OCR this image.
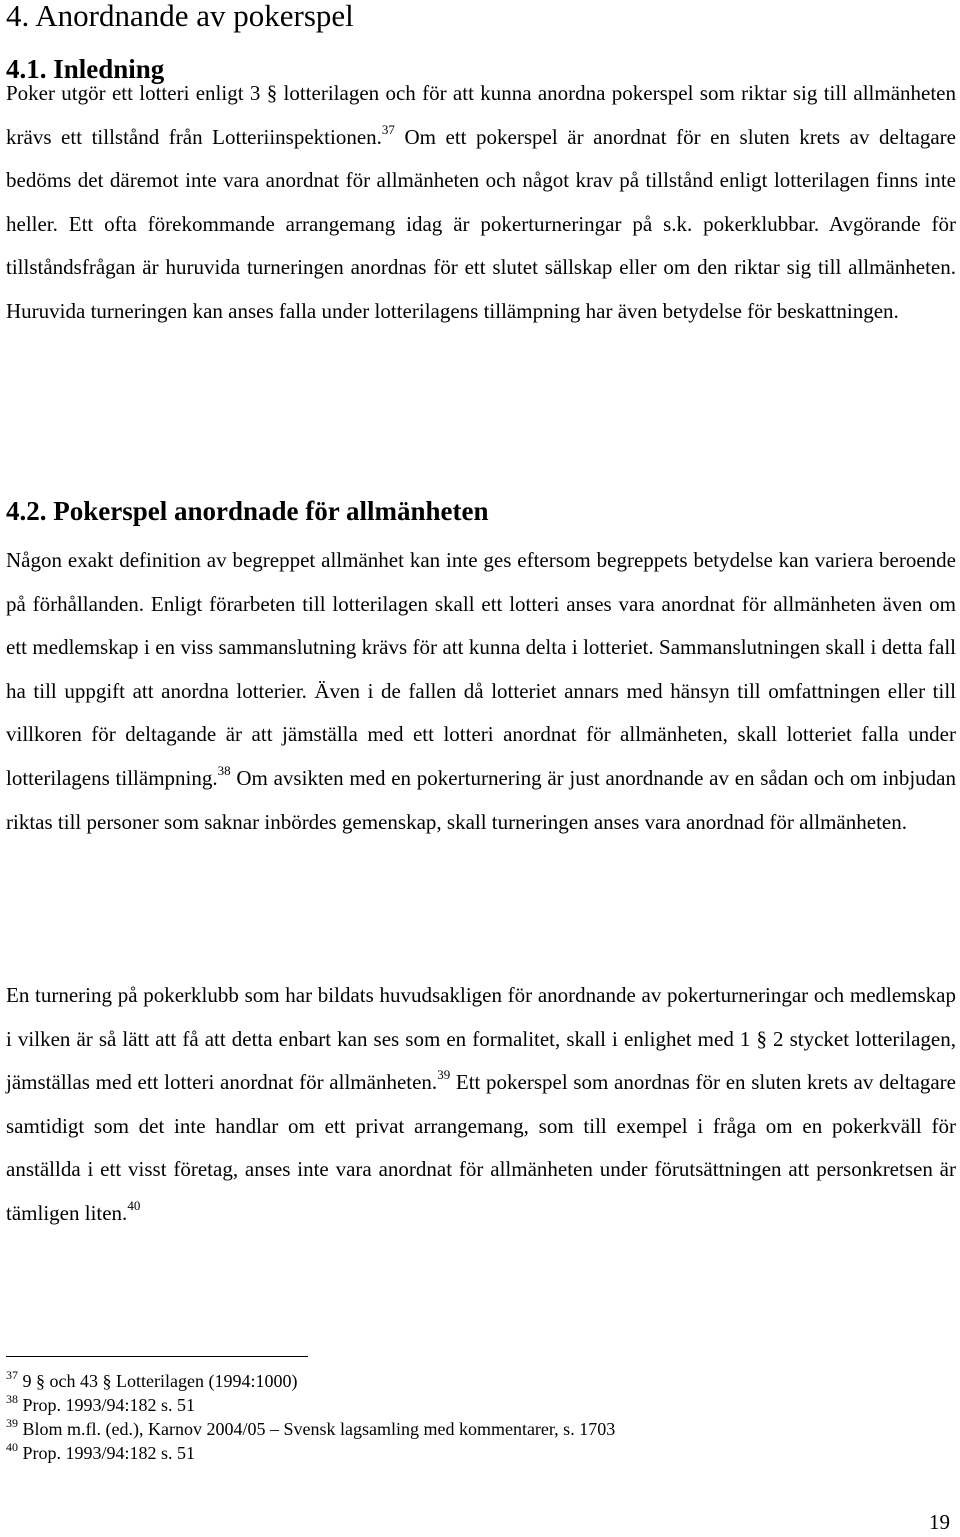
4. Anordnande av pokerspel
4.1. Inledning

Poker utgör ett lotteri enligt 3 § lotterilagen och för att kunna anordna pokerspel som riktar sig till allmänheten krävs ett tillstånd från Lotteriinspektionen.$^{37}$ Om ett pokerspel är anordnat för en sluten krets av deltagare bedöms det däremot inte vara anordnat för allmänheten och något krav på tillstånd enligt lotterilagen finns inte heller. Ett ofta förekommande arrangemang idag är pokerturneringar på s.k. pokerklubbar. Avgörande för tillståndsfrågan är huruvida turneringen anordnas för ett slutet sällskap eller om den riktar sig till allmänheten. Huruvida turneringen kan anses falla under lotterilagens tillämpning har även betydelse för beskattningen.

4.2. Pokerspel anordnade för allmänheten

Någon exakt definition av begreppet allmänhet kan inte ges eftersom begreppets betydelse kan variera beroende på förhållanden. Enligt förarbeten till lotterilagen skall ett lotteri anses vara anordnat för allmänheten även om ett medlemskap i en viss sammanslutning krävs för att kunna delta i lotteriet. Sammanslutningen skall i detta fall ha till uppgift att anordna lotterier. Även i de fallen då lotteriet annars med hänsyn till omfattningen eller till villkoren för deltagande är att jämställa med ett lotteri anordnat för allmänheten, skall lotteriet falla under lotterilagens tillämpning.$^{38}$ Om avsikten med en pokerturnering är just anordnande av en sådan och om inbjudan riktas till personer som saknar inbördes gemenskap, skall turneringen anses vara anordnad för allmänheten.

En turnering på pokerklubb som har bildats huvudsakligen för anordnande av pokerturneringar och medlemskap i vilken är så lätt att få att detta enbart kan ses som en formalitet, skall i enlighet med 1 § 2 stycket lotterilagen, jämställas med ett lotteri anordnat för allmänheten.$^{39}$ Ett pokerspel som anordnas för en sluten krets av deltagare samtidigt som det inte handlar om ett privat arrangemang, som till exempel i fråga om en pokerkväll för anställda i ett visst företag, anses inte vara anordnat för allmänheten under förutsättningen att personkretsen är tämligen liten.$^{40}$

$^{37}$ 9 § och 43 § Lotterilagen (1994:1000)
$^{38}$ Prop. 1993/94:182 s. 51
$^{39}$ Blom m.fl. (ed.), Karnov 2004/05 – Svensk lagsamling med kommentarer, s. 1703
$^{40}$ Prop. 1993/94:182 s. 51
19
